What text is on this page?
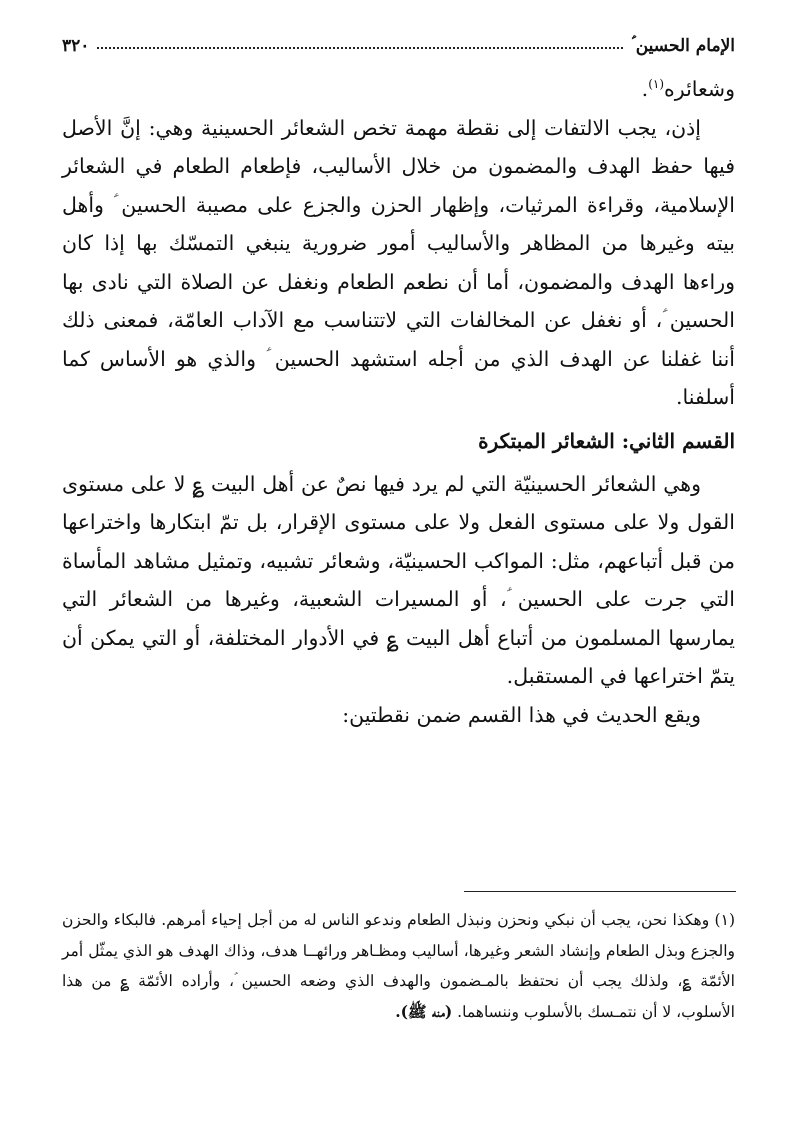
الإمام الحسين ؑ
٣٢٠

وشعائره$^{(١)}$.

إذن، يجب الالتفات إلى نقطة مهمة تخص الشعائر الحسينية وهي: إنَّ الأصل فيها حفظ الهدف والمضمون من خلال الأساليب، فإطعام الطعام في الشعائر الإسلامية، وقراءة المرثيات، وإظهار الحزن والجزع على مصيبة الحسين ؑ وأهل بيته وغيرها من المظاهر والأساليب أمور ضرورية ينبغي التمسّك بها إذا كان وراءها الهدف والمضمون، أما أن نطعم الطعام ونغفل عن الصلاة التي نادى بها الحسين ؑ، أو نغفل عن المخالفات التي لاتتناسب مع الآداب العامّة، فمعنى ذلك أننا غفلنا عن الهدف الذي من أجله استشهد الحسين ؑ والذي هو الأساس كما أسلفنا.

القسم الثاني: الشعائر المبتكرة

وهي الشعائر الحسينيّة التي لم يرد فيها نصٌ عن أهل البيت ؏ لا على مستوى القول ولا على مستوى الفعل ولا على مستوى الإقرار، بل تمّ ابتكارها واختراعها من قبل أتباعهم، مثل: المواكب الحسينيّة، وشعائر تشبيه، وتمثيل مشاهد المأساة التي جرت على الحسين ؑ، أو المسيرات الشعبية، وغيرها من الشعائر التي يمارسها المسلمون من أتباع أهل البيت ؏ في الأدوار المختلفة، أو التي يمكن أن يتمّ اختراعها في المستقبل.

ويقع الحديث في هذا القسم ضمن نقطتين:

(١) وهكذا نحن، يجب أن نبكي ونحزن ونبذل الطعام وندعو الناس له من أجل إحياء أمرهم. فالبكاء والحزن والجزع وبذل الطعام وإنشاد الشعر وغيرها، أساليب ومظـاهر ورائهــا هدف، وذاك الهدف هو الذي يمثّل أمر الأئمّة ؏، ولذلك يجب أن نحتفظ بالمـضمون والهدف الذي وضعه الحسين ؑ، وأراده الأئمّة ؏ من هذا الأسلوب، لا أن نتمـسك بالأسلوب وننساهما. (منه ﷺ).
